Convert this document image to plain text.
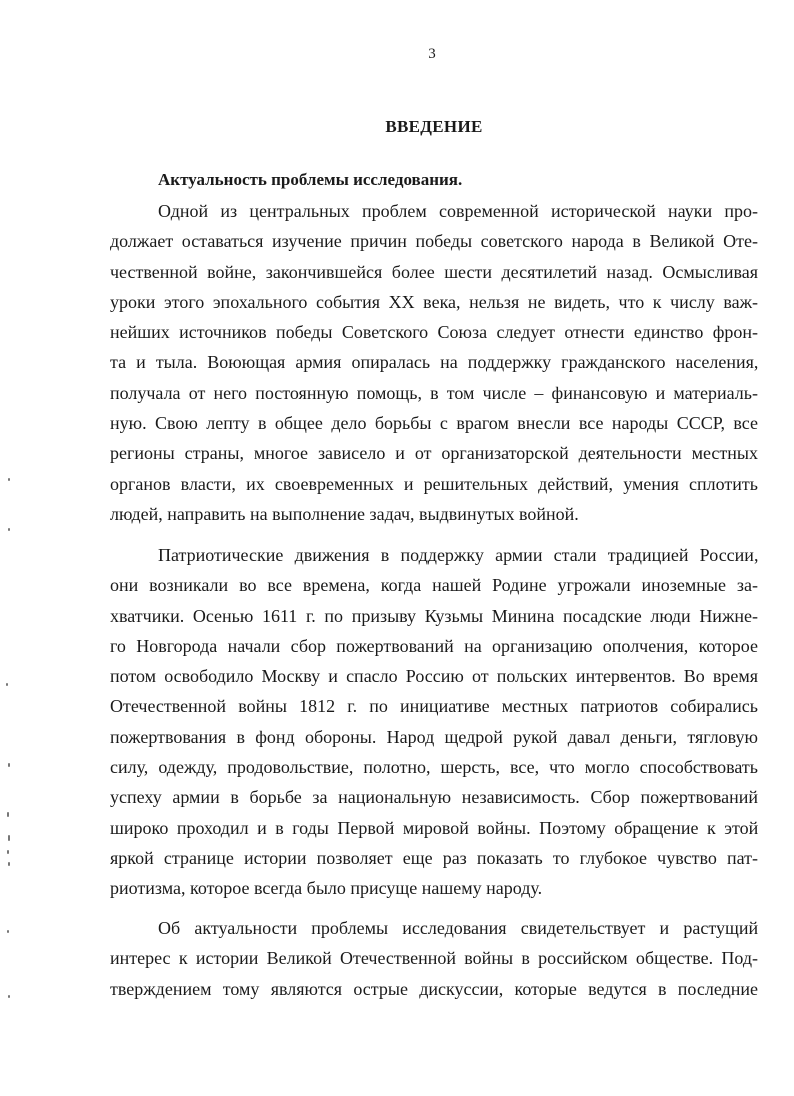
3
ВВЕДЕНИЕ
Актуальность проблемы исследования.
Одной из центральных проблем современной исторической науки про-
должает оставаться изучение причин победы советского народа в Великой Оте-
чественной войне, закончившейся более шести десятилетий назад. Осмысливая
уроки этого эпохального события XX века, нельзя не видеть, что к числу важ-
нейших источников победы Советского Союза следует отнести единство фрон-
та и тыла. Воюющая армия опиралась на поддержку гражданского населения,
получала от него постоянную помощь, в том числе – финансовую и материаль-
ную. Свою лепту в общее дело борьбы с врагом внесли все народы СССР, все
регионы страны, многое зависело и от организаторской деятельности местных
органов власти, их своевременных и решительных действий, умения сплотить
людей, направить на выполнение задач, выдвинутых войной.
Патриотические движения в поддержку армии стали традицией России,
они возникали во все времена, когда нашей Родине угрожали иноземные за-
хватчики. Осенью 1611 г. по призыву Кузьмы Минина посадские люди Нижне-
го Новгорода начали сбор пожертвований на организацию ополчения, которое
потом освободило Москву и спасло Россию от польских интервентов. Во время
Отечественной войны 1812 г. по инициативе местных патриотов собирались
пожертвования в фонд обороны. Народ щедрой рукой давал деньги, тягловую
силу, одежду, продовольствие, полотно, шерсть, все, что могло способствовать
успеху армии в борьбе за национальную независимость. Сбор пожертвований
широко проходил и в годы Первой мировой войны. Поэтому обращение к этой
яркой странице истории позволяет еще раз показать то глубокое чувство пат-
риотизма, которое всегда было присуще нашему народу.
Об актуальности проблемы исследования свидетельствует и растущий
интерес к истории Великой Отечественной войны в российском обществе. Под-
тверждением тому являются острые дискуссии, которые ведутся в последние
